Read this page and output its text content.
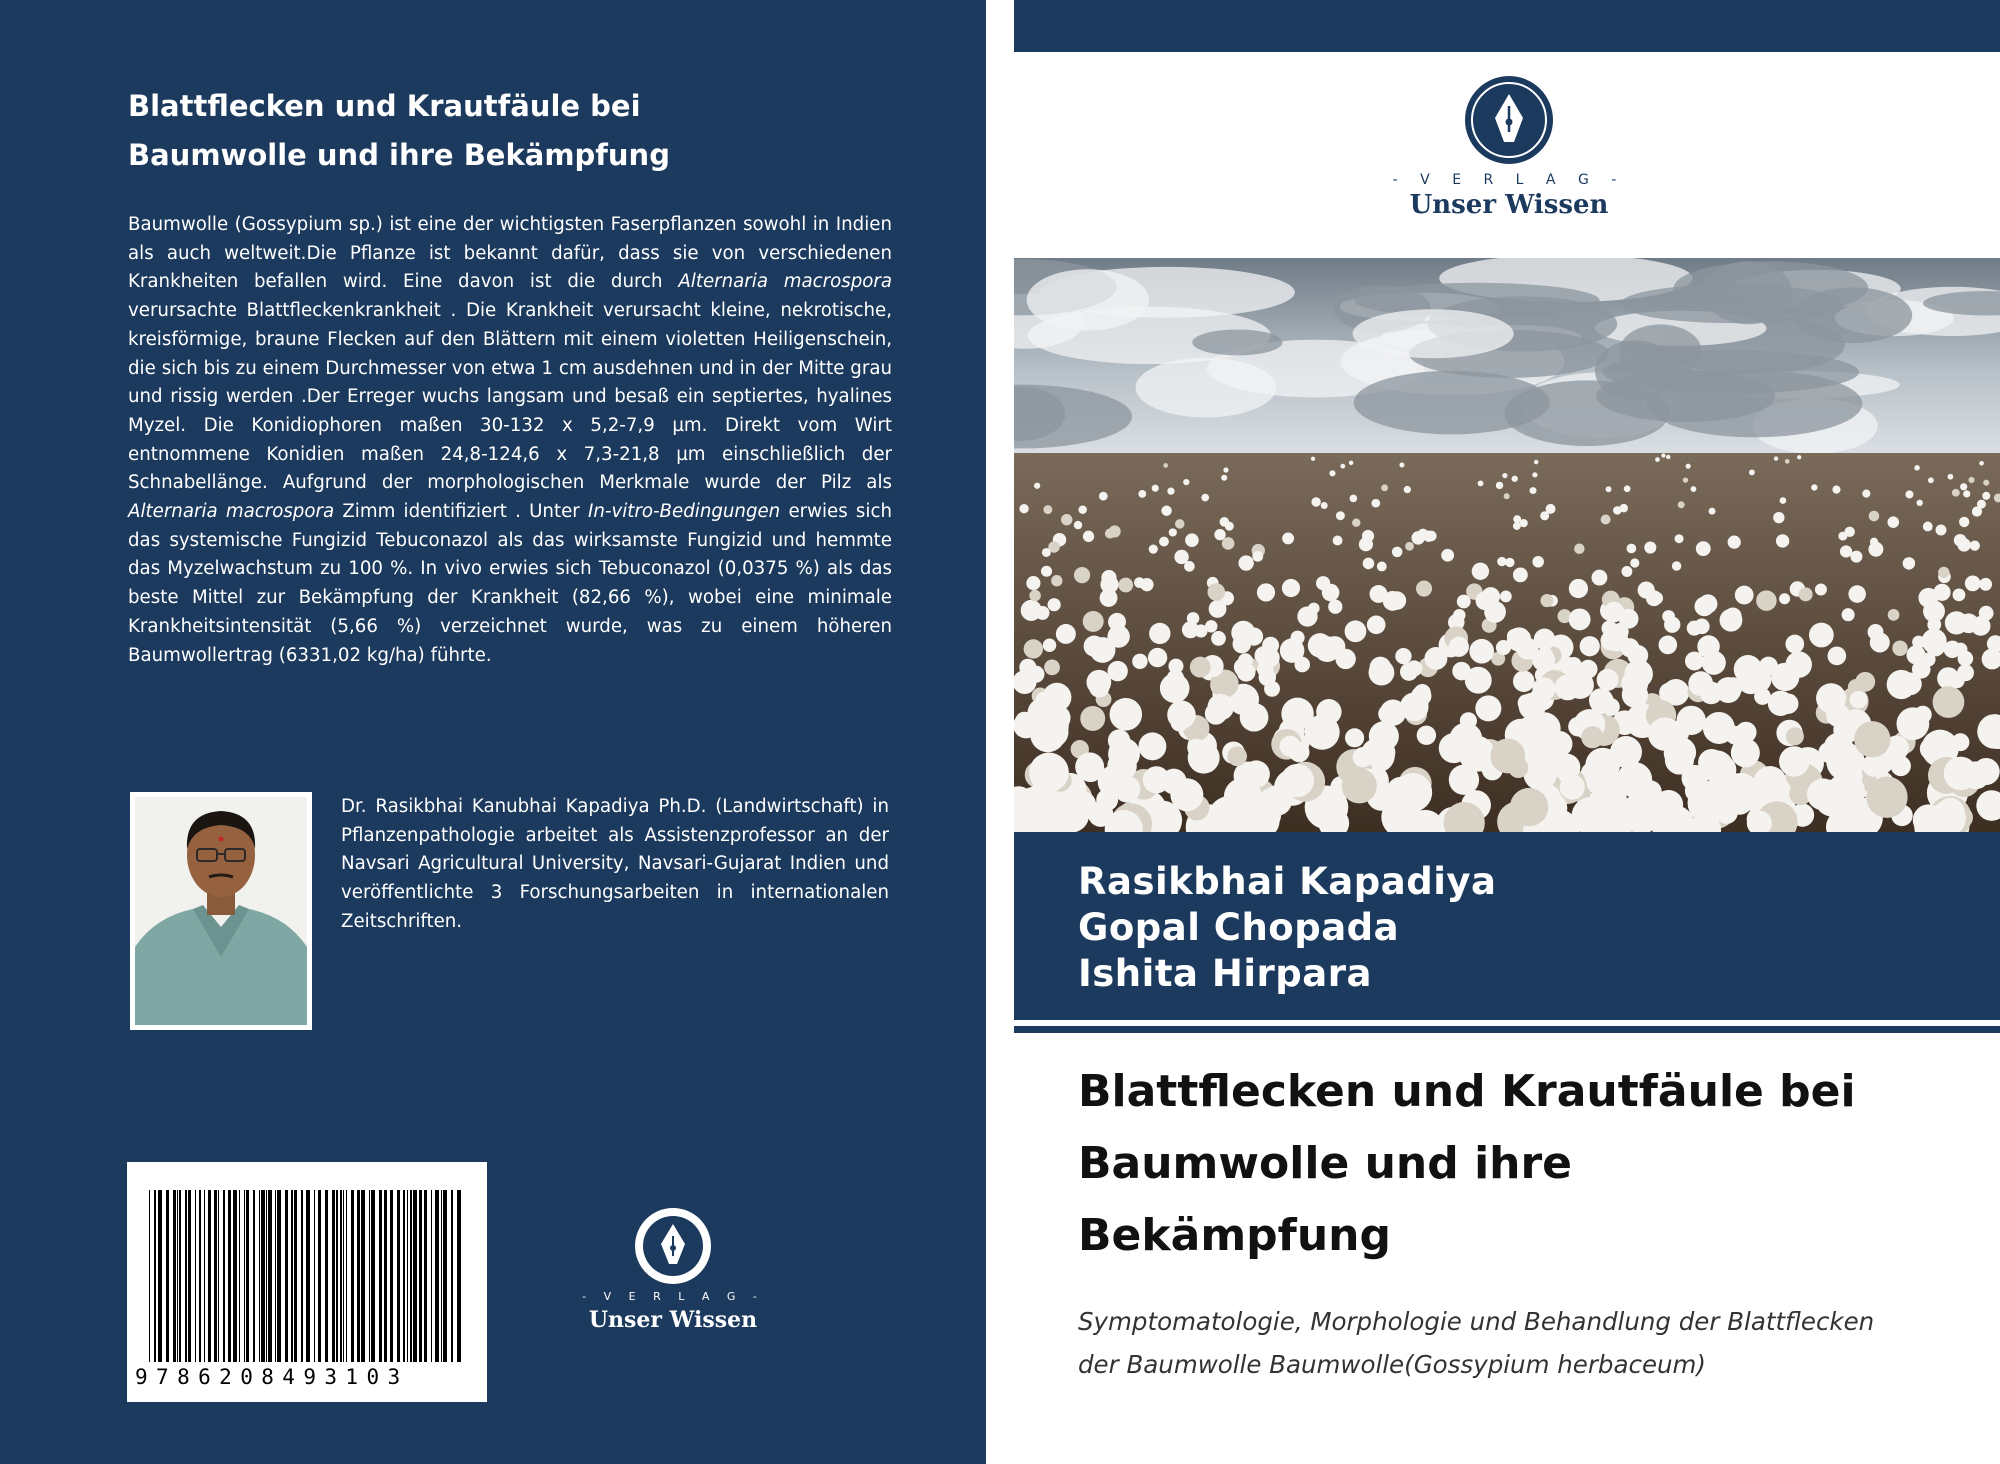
Blattflecken und Krautfäule bei
Baumwolle und ihre Bekämpfung
Baumwolle (Gossypium sp.) ist eine der wichtigsten Faserpflanzen sowohl in Indien als auch weltweit.Die Pflanze ist bekannt dafür, dass sie von verschiedenen Krankheiten befallen wird. Eine davon ist die durch Alternaria macrospora verursachte Blattfleckenkrankheit . Die Krankheit verursacht kleine, nekrotische, kreisförmige, braune Flecken auf den Blättern mit einem violetten Heiligenschein, die sich bis zu einem Durchmesser von etwa 1 cm ausdehnen und in der Mitte grau und rissig werden .Der Erreger wuchs langsam und besaß ein septiertes, hyalines Myzel. Die Konidiophoren maßen 30-132 x 5,2-7,9 µm. Direkt vom Wirt entnommene Konidien maßen 24,8-124,6 x 7,3-21,8 µm einschließlich der Schnabellänge. Aufgrund der morphologischen Merkmale wurde der Pilz als Alternaria macrospora Zimm identifiziert . Unter In-vitro-Bedingungen erwies sich das systemische Fungizid Tebuconazol als das wirksamste Fungizid und hemmte das Myzelwachstum zu 100 %. In vivo erwies sich Tebuconazol (0,0375 %) als das beste Mittel zur Bekämpfung der Krankheit (82,66 %), wobei eine minimale Krankheitsintensität (5,66 %) verzeichnet wurde, was zu einem höheren Baumwollertrag (6331,02 kg/ha) führte.
Dr. Rasikbhai Kanubhai Kapadiya Ph.D. (Landwirtschaft) in Pflanzenpathologie arbeitet als Assistenzprofessor an der Navsari Agricultural University, Navsari-Gujarat Indien und veröffentlichte 3 Forschungsarbeiten in internationalen Zeitschriften.
9786208493103
- V E R L A G -
Unser Wissen
- V E R L A G -
Unser Wissen
Rasikbhai Kapadiya
Gopal Chopada
Ishita Hirpara
Blattflecken und Krautfäule bei
Baumwolle und ihre
Bekämpfung
Symptomatologie, Morphologie und Behandlung der Blattflecken
der Baumwolle Baumwolle(Gossypium herbaceum)
